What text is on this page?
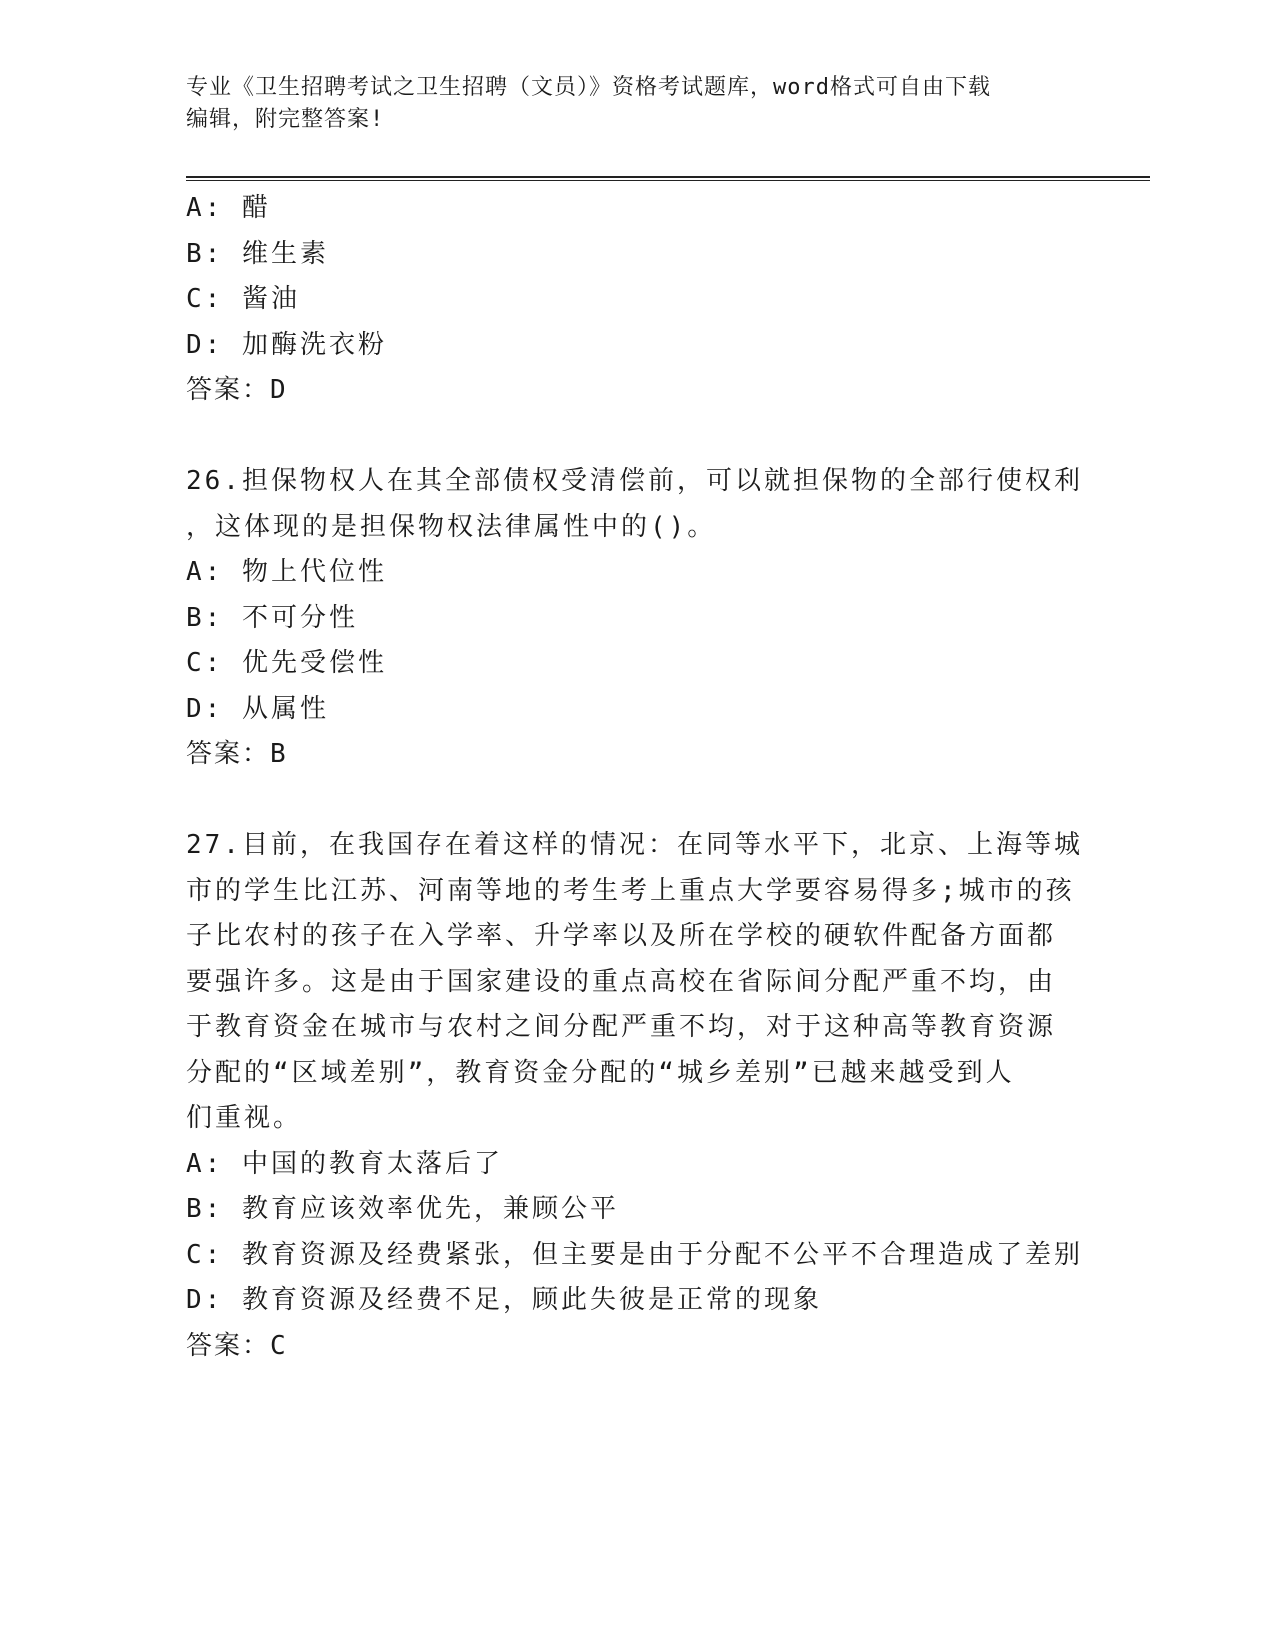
专业《卫生招聘考试之卫生招聘（文员）》资格考试题库，word格式可自由下载
编辑，附完整答案!
A: 醋
B: 维生素
C: 酱油
D: 加酶洗衣粉
答案：D
26.担保物权人在其全部债权受清偿前，可以就担保物的全部行使权利
，这体现的是担保物权法律属性中的()。
A: 物上代位性
B: 不可分性
C: 优先受偿性
D: 从属性
答案：B
27.目前，在我国存在着这样的情况：在同等水平下，北京、上海等城
市的学生比江苏、河南等地的考生考上重点大学要容易得多;城市的孩
子比农村的孩子在入学率、升学率以及所在学校的硬软件配备方面都
要强许多。这是由于国家建设的重点高校在省际间分配严重不均，由
于教育资金在城市与农村之间分配严重不均，对于这种高等教育资源
分配的“区域差别”，教育资金分配的“城乡差别”已越来越受到人
们重视。
A: 中国的教育太落后了
B: 教育应该效率优先，兼顾公平
C: 教育资源及经费紧张，但主要是由于分配不公平不合理造成了差别
D: 教育资源及经费不足，顾此失彼是正常的现象
答案：C
